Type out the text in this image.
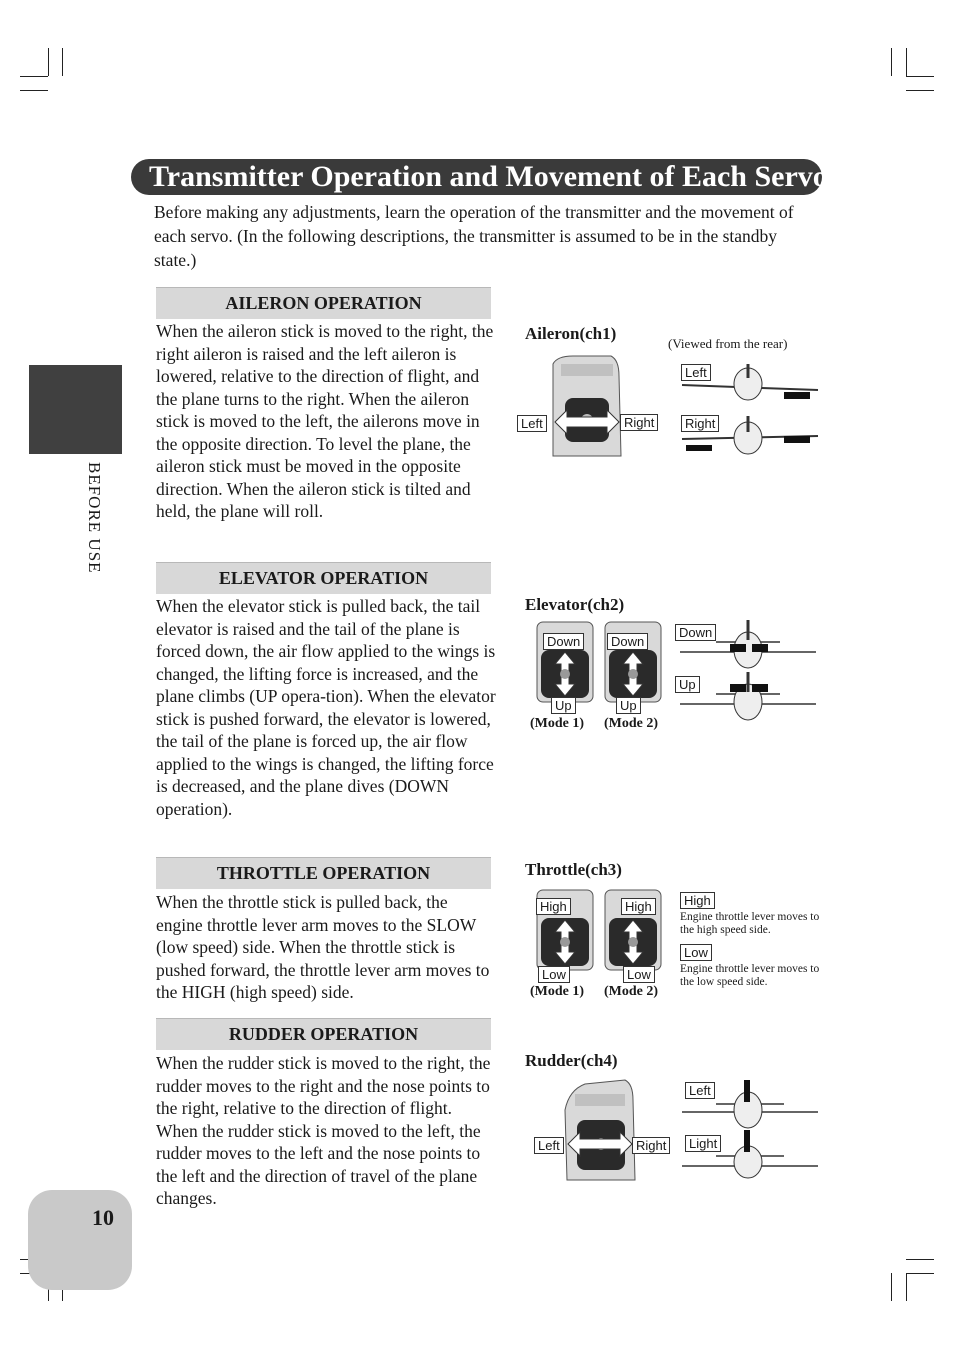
BEFORE USE
Transmitter Operation and Movement of Each Servo
Before making any adjustments, learn the operation of the transmitter and the movement of each servo. (In the following descriptions, the transmitter is assumed to be in the standby state.)
AILERON OPERATION
When the aileron stick is moved to the right, the right aileron is raised and the left aileron is lowered, relative to the direction of flight, and the plane turns to the right. When the aileron stick is moved to the left, the ailerons move in the opposite direction. To level the plane, the aileron stick must be moved in the opposite direction. When the aileron stick is tilted and held, the plane will roll.
Aileron(ch1)
(Viewed from the rear)
Left	Right
Left
Right
ELEVATOR OPERATION
When the elevator stick is pulled back, the tail elevator is raised and the tail of the plane is forced down, the air flow applied to the wings is changed, the lifting force is increased, and the plane climbs (UP opera-tion). When the elevator stick is pushed forward, the elevator is lowered, the tail of the plane is forced up, the air flow applied to the wings is changed, the lifting force is decreased, and the plane dives (DOWN operation).
Elevator(ch2)
Down	Down
Up	Up
(Mode 1) (Mode 2)
Down
Up
THROTTLE OPERATION
When the throttle stick is pulled back, the engine throttle lever arm moves to the SLOW (low speed) side. When the throttle stick is pushed forward, the throttle lever arm moves to the HIGH (high speed) side.
Throttle(ch3)
High	High
Low	Low
(Mode 1) (Mode 2)
High
Engine throttle lever moves to the high speed side.
Low
Engine throttle lever moves to the low speed side.
RUDDER OPERATION
When the rudder stick is moved to the right, the rudder moves to the right and the nose points to the right, relative to the direction of flight. When the rudder stick is moved to the left, the rudder moves to the left and the nose points to the left and the direction of travel of the plane changes.
Rudder(ch4)
Left	Right
Left
Light
10
